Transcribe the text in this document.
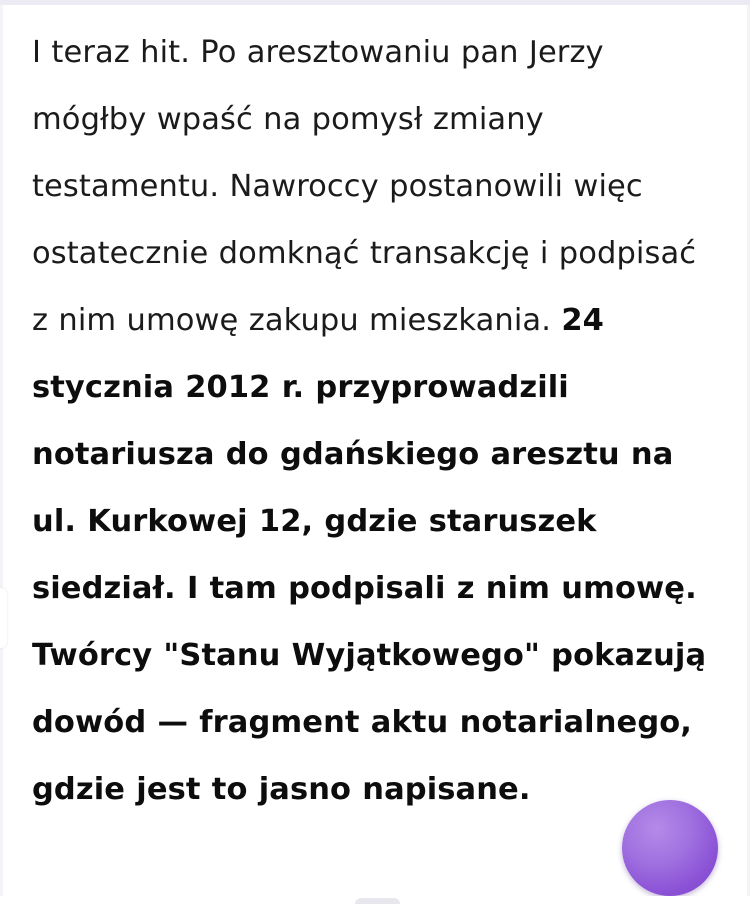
I teraz hit. Po aresztowaniu pan Jerzy mógłby wpaść na pomysł zmiany testamentu. Nawroccy postanowili więc ostatecznie domknąć transakcję i podpisać z nim umowę zakupu mieszkania. 24 stycznia 2012 r. przyprowadzili notariusza do gdańskiego aresztu na ul. Kurkowej 12, gdzie staruszek siedział. I tam podpisali z nim umowę. Twórcy "Stanu Wyjątkowego" pokazują dowód — fragment aktu notarialnego, gdzie jest to jasno napisane.
